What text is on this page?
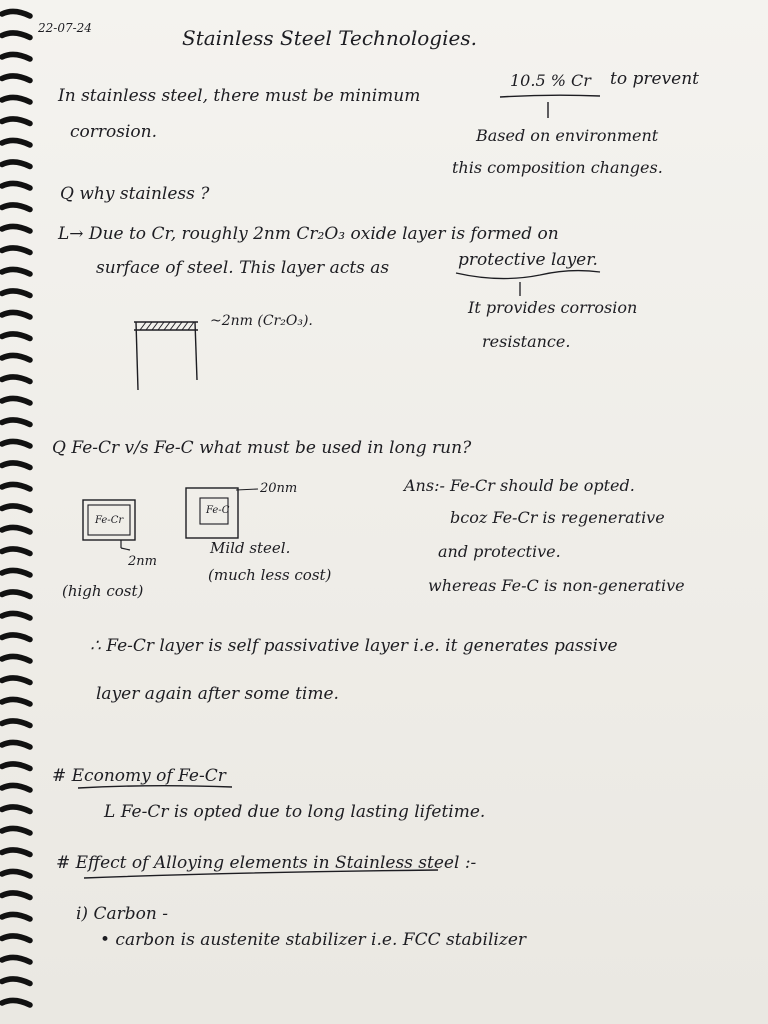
22-07-24	Stainless Steel Technologies.
In stainless steel, there must be minimum
10.5 % Cr to prevent
corrosion.	Based on environment
this composition changes.
Q why stainless ?
L→ Due to Cr, roughly 2nm Cr₂O₃ oxide layer is formed on
surface of steel. This layer acts as	protective layer.
~2nm (Cr₂O₃).
It provides corrosion
resistance.
Q Fe-Cr v/s Fe-C what must be used in long run?
Fe-Cr
2nm
(high cost)
Fe-C
20nm
Mild steel.
(much less cost)
Ans:- Fe-Cr should be opted.
bcoz Fe-Cr is regenerative
and protective.
whereas Fe-C is non-generative
∴ Fe-Cr layer is self passivative layer i.e. it generates passive
layer again after some time.
# Economy of Fe-Cr
L Fe-Cr is opted due to long lasting lifetime.
# Effect of Alloying elements in Stainless steel :-
i) Carbon -
• carbon is austenite stabilizer i.e. FCC stabilizer
